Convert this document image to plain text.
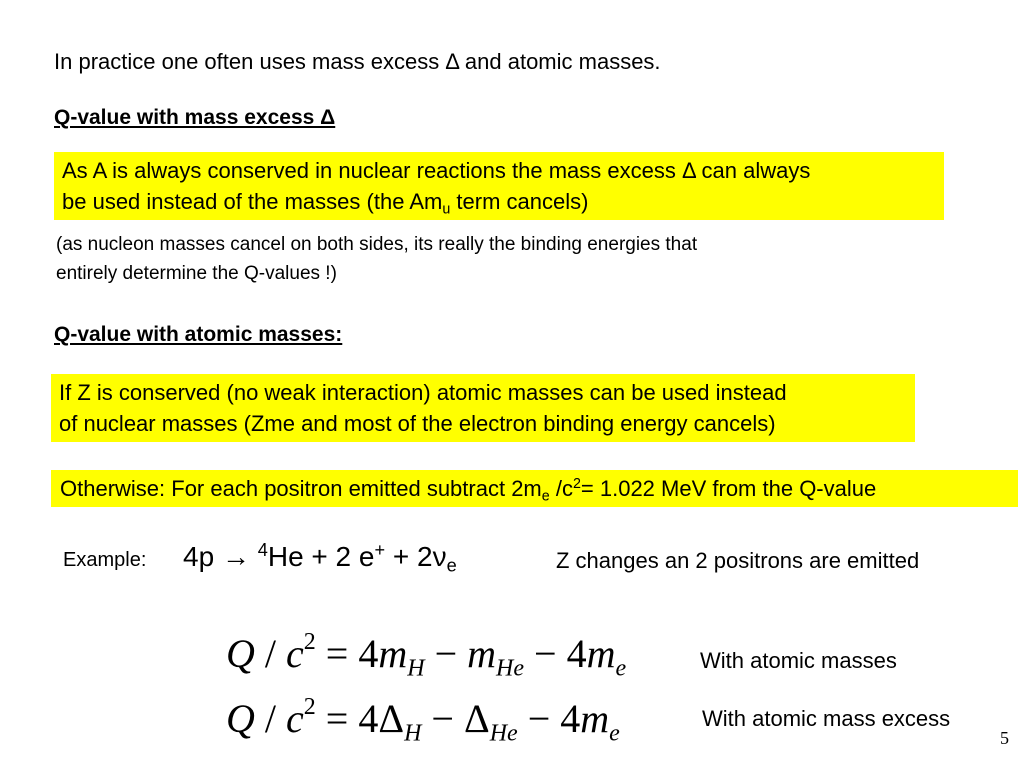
In practice one often uses mass excess Δ and atomic masses.
Q-value with mass excess Δ
As A is always conserved in nuclear reactions the mass excess Δ can always
be used instead of the masses (the $Am_u$ term cancels)
(as nucleon masses cancel on both sides, its really the binding energies that
entirely determine the Q-values !)
Q-value with atomic masses:
If Z is conserved (no weak interaction) atomic masses can be used instead
of nuclear masses (Zme and most of the electron binding energy cancels)
Otherwise: For each positron emitted subtract $2m_e$ $/c^2= 1.022$ MeV from the Q-value
Example: 4p → $^4$He + 2 $e^+ + 2\nu_e$	Z changes an 2 positrons are emitted
$Q / c^2 = 4m_H - m_{He} - 4m_e$	With atomic masses
$Q / c^2 = 4\Delta_H - \Delta_{He} - 4m_e$
With atomic mass excess
5
